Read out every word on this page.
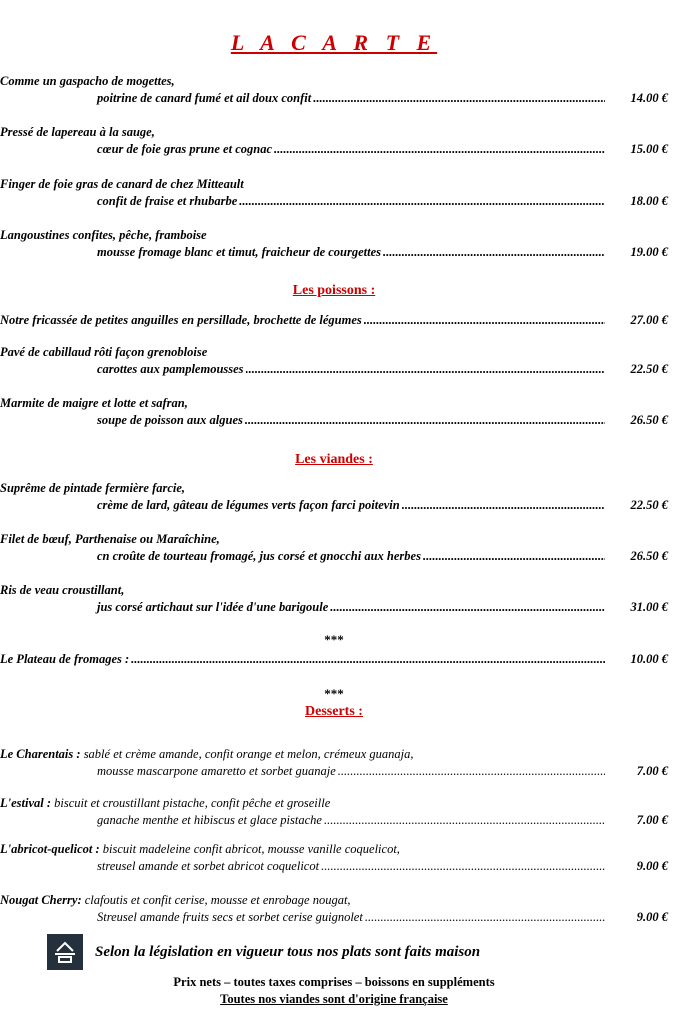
L A C A R T E
Comme un gaspacho de mogettes,
poitrine de canard fumé et ail doux confit .....	14.00 €
Pressé de lapereau à la sauge,
cœur de foie gras prune et cognac .....	15.00 €
Finger de foie gras de canard de chez Mitteault
confit de fraise et rhubarbe .....	18.00 €
Langoustines confites, pêche, framboise
mousse fromage blanc et timut, fraicheur de courgettes .....	19.00 €
Les poissons :
Notre fricassée de petites anguilles en persillade, brochette de légumes .....	27.00 €
Pavé de cabillaud rôti façon grenobloise
carottes aux pamplemousses .....	22.50 €
Marmite de maigre et lotte et safran,
soupe de poisson aux algues .....	26.50 €
Les viandes :
Suprême de pintade fermière farcie,
crème de lard, gâteau de légumes verts façon farci poitevin .....	22.50 €
Filet de bœuf, Parthenaise ou Maraîchine,
cn croûte de tourteau fromagé, jus corsé et gnocchi aux herbes .....	26.50 €
Ris de veau croustillant,
jus corsé artichaut sur l'idée d'une barigoule .....	31.00 €
***
Le Plateau de fromages : .....	10.00 €
***
Desserts :
Le Charentais : sablé et crème amande, confit orange et melon, crémeux guanaja,
mousse mascarpone amaretto et sorbet guanaje .....	7.00 €
L'estival : biscuit et croustillant pistache, confit pêche et groseille
ganache menthe et hibiscus et glace pistache .....	7.00 €
L'abricot-quelicot : biscuit madeleine confit abricot, mousse vanille coquelicot,
streusel amande et sorbet abricot coquelicot .....	9.00 €
Nougat Cherry: clafoutis et confit cerise, mousse et enrobage nougat,
Streusel amande fruits secs et sorbet cerise guignolet .....	9.00 €
Selon la législation en vigueur tous nos plats sont faits maison
Prix nets – toutes taxes comprises – boissons en suppléments
Toutes nos viandes sont d'origine française
